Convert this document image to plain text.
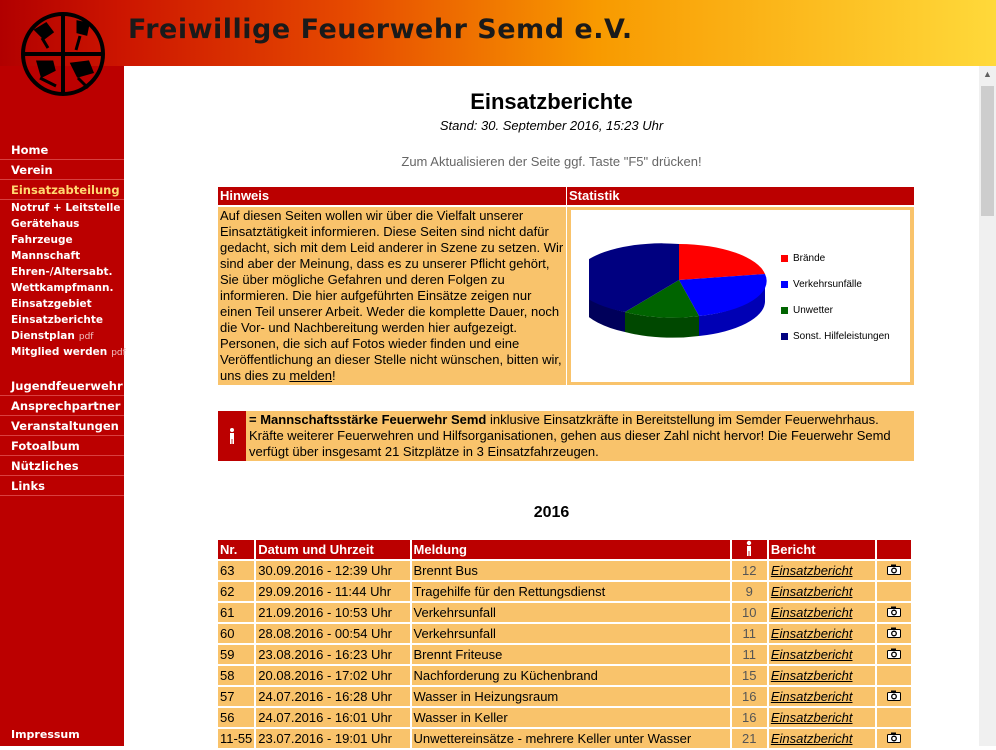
Freiwillige Feuerwehr Semd e.V.
Home
Verein
Einsatzabteilung
Notruf + Leitstelle
Gerätehaus
Fahrzeuge
Mannschaft
Ehren-/Altersabt.
Wettkampfmann.
Einsatzgebiet
Einsatzberichte
Dienstplan pdf
Mitglied werden pdf
Jugendfeuerwehr
Ansprechpartner
Veranstaltungen
Fotoalbum
Nützliches
Links
Impressum
▲
Einsatzberichte
Stand: 30. September 2016, 15:23 Uhr
Zum Aktualisieren der Seite ggf. Taste "F5" drücken!
Hinweis	Statistik
Auf diesen Seiten wollen wir über die Vielfalt unserer Einsatztätigkeit informieren. Diese Seiten sind nicht dafür gedacht, sich mit dem Leid anderer in Szene zu setzen. Wir sind aber der Meinung, dass es zu unserer Pflicht gehört, Sie über mögliche Gefahren und deren Folgen zu informieren. Die hier aufgeführten Einsätze zeigen nur einen Teil unserer Arbeit. Weder die komplette Dauer, noch die Vor- und Nachbereitung werden hier aufgezeigt.
Personen, die sich auf Fotos wieder finden und eine Veröffentlichung an dieser Stelle nicht wünschen, bitten wir, uns dies zu melden!
Brände
Verkehrsunfälle
Unwetter
Sonst. Hilfeleistungen
= Mannschaftsstärke Feuerwehr Semd inklusive Einsatzkräfte in Bereitstellung im Semder Feuerwehrhaus. Kräfte weiterer Feuerwehren und Hilfsorganisationen, gehen aus dieser Zahl nicht hervor! Die Feuerwehr Semd verfügt über insgesamt 21 Sitzplätze in 3 Einsatzfahrzeugen.
2016
Nr.	Datum und Uhrzeit	Meldung		Bericht	
63	30.09.2016 - 12:39 Uhr	Brennt Bus	12	Einsatzbericht	
62	29.09.2016 - 11:44 Uhr	Tragehilfe für den Rettungsdienst	9	Einsatzbericht	
61	21.09.2016 - 10:53 Uhr	Verkehrsunfall	10	Einsatzbericht	
60	28.08.2016 - 00:54 Uhr	Verkehrsunfall	11	Einsatzbericht	
59	23.08.2016 - 16:23 Uhr	Brennt Friteuse	11	Einsatzbericht	
58	20.08.2016 - 17:02 Uhr	Nachforderung zu Küchenbrand	15	Einsatzbericht	
57	24.07.2016 - 16:28 Uhr	Wasser in Heizungsraum	16	Einsatzbericht	
56	24.07.2016 - 16:01 Uhr	Wasser in Keller	16	Einsatzbericht	
11-55	23.07.2016 - 19:01 Uhr	Unwettereinsätze - mehrere Keller unter Wasser	21	Einsatzbericht	
